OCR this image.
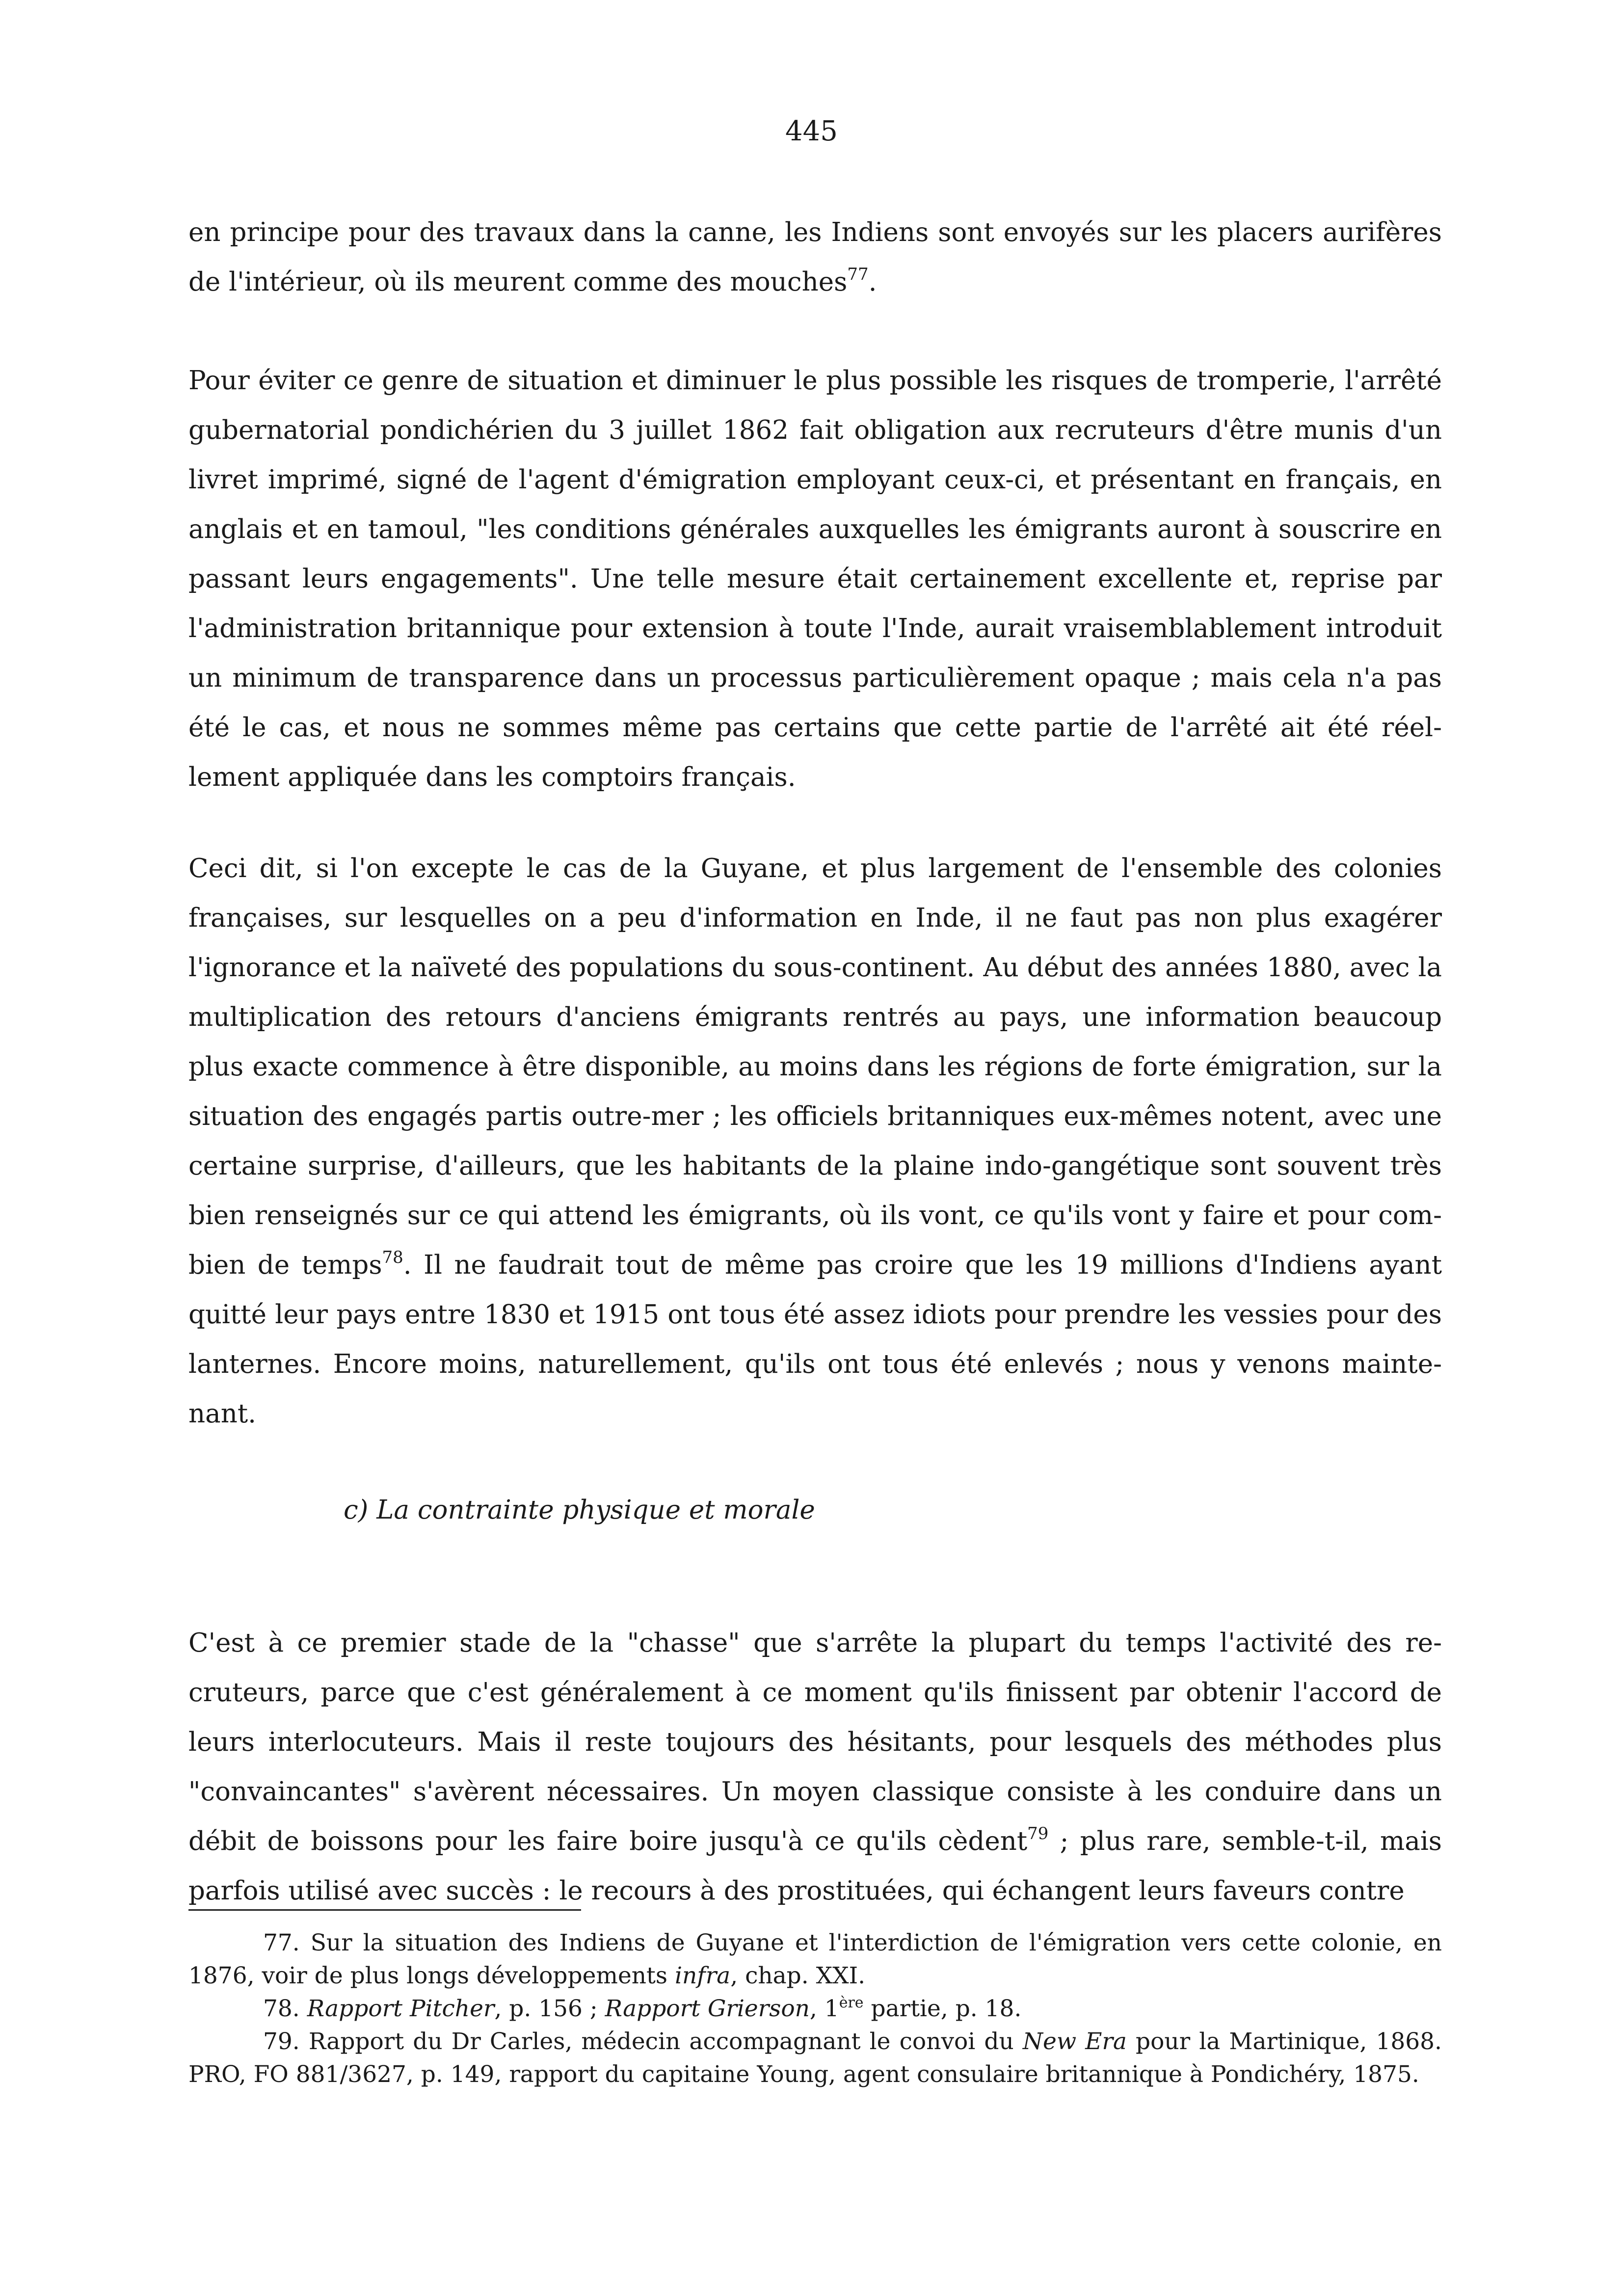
445

en principe pour des travaux dans la canne, les Indiens sont envoyés sur les placers aurifères de l'intérieur, où ils meurent comme des mouches$^{77}$.

Pour éviter ce genre de situation et diminuer le plus possible les risques de tromperie, l'arrêté gubernatorial pondichérien du 3 juillet 1862 fait obligation aux recruteurs d'être munis d'un livret imprimé, signé de l'agent d'émigration employant ceux-ci, et présentant en français, en anglais et en tamoul, "les conditions générales auxquelles les émigrants auront à souscrire en passant leurs engagements". Une telle mesure était certainement excellente et, reprise par l'administration britannique pour extension à toute l'Inde, aurait vraisemblablement introduit un minimum de transparence dans un processus particulièrement opaque ; mais cela n'a pas été le cas, et nous ne sommes même pas certains que cette partie de l'arrêté ait été réellement appliquée dans les comptoirs français.

Ceci dit, si l'on excepte le cas de la Guyane, et plus largement de l'ensemble des colonies françaises, sur lesquelles on a peu d'information en Inde, il ne faut pas non plus exagérer l'ignorance et la naïveté des populations du sous-continent. Au début des années 1880, avec la multiplication des retours d'anciens émigrants rentrés au pays, une information beaucoup plus exacte commence à être disponible, au moins dans les régions de forte émigration, sur la situation des engagés partis outre-mer ; les officiels britanniques eux-mêmes notent, avec une certaine surprise, d'ailleurs, que les habitants de la plaine indo-gangétique sont souvent très bien renseignés sur ce qui attend les émigrants, où ils vont, ce qu'ils vont y faire et pour combien de temps$^{78}$. Il ne faudrait tout de même pas croire que les 19 millions d'Indiens ayant quitté leur pays entre 1830 et 1915 ont tous été assez idiots pour prendre les vessies pour des lanternes. Encore moins, naturellement, qu'ils ont tous été enlevés ; nous y venons maintenant.

c) La contrainte physique et morale

C'est à ce premier stade de la "chasse" que s'arrête la plupart du temps l'activité des recruteurs, parce que c'est généralement à ce moment qu'ils finissent par obtenir l'accord de leurs interlocuteurs. Mais il reste toujours des hésitants, pour lesquels des méthodes plus "convaincantes" s'avèrent nécessaires. Un moyen classique consiste à les conduire dans un débit de boissons pour les faire boire jusqu'à ce qu'ils cèdent$^{79}$ ; plus rare, semble-t-il, mais parfois utilisé avec succès : le recours à des prostituées, qui échangent leurs faveurs contre

77. Sur la situation des Indiens de Guyane et l'interdiction de l'émigration vers cette colonie, en 1876, voir de plus longs développements infra, chap. XXI.

78. Rapport Pitcher, p. 156 ; Rapport Grierson, 1ère partie, p. 18.

79. Rapport du Dr Carles, médecin accompagnant le convoi du New Era pour la Martinique, 1868. PRO, FO 881/3627, p. 149, rapport du capitaine Young, agent consulaire britannique à Pondichéry, 1875.
